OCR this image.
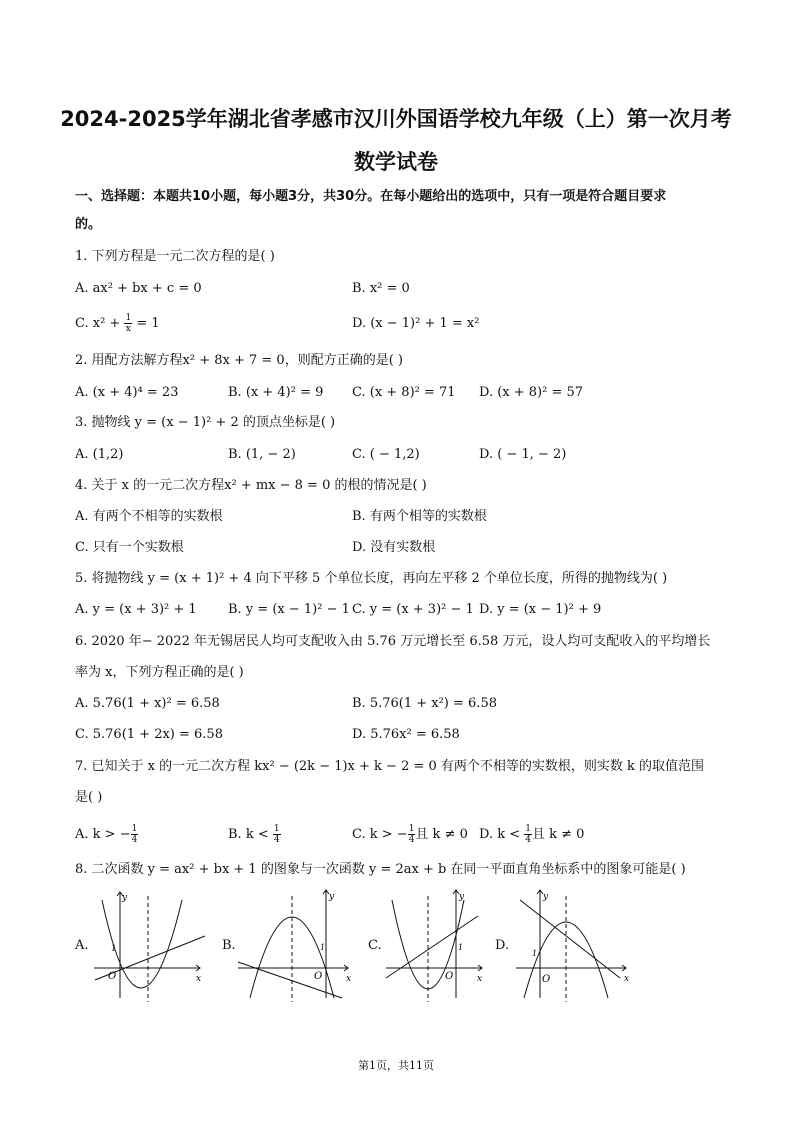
2024-2025学年湖北省孝感市汉川外国语学校九年级（上）第一次月考
数学试卷
一、选择题：本题共10小题，每小题3分，共30分。在每小题给出的选项中，只有一项是符合题目要求
的。
1. 下列方程是一元二次方程的是( )
A. ax² + bx + c = 0	B. x² = 0
C. $x^2 + \frac{1}{x} = 1$	D. (x − 1)² + 1 = x²
2. 用配方法解方程x² + 8x + 7 = 0，则配方正确的是( )
A. (x + 4)⁴ = 23	B. (x + 4)² = 9 C. (x + 8)² = 71 D. (x + 8)² = 57
3. 抛物线 y = (x − 1)² + 2 的顶点坐标是( )
A. (1,2)	B. (1, − 2)	C. ( − 1,2)	D. ( − 1, − 2)
4. 关于 x 的一元二次方程x² + mx − 8 = 0 的根的情况是( )
A. 有两个不相等的实数根	B. 有两个相等的实数根
C. 只有一个实数根	D. 没有实数根
5. 将抛物线 y = (x + 1)² + 4 向下平移 5 个单位长度，再向左平移 2 个单位长度，所得的抛物线为( )
A. y = (x + 3)² + 1 B. y = (x − 1)² − 1 C. y = (x + 3)² − 1 D. y = (x − 1)² + 9
6. 2020 年− 2022 年无锡居民人均可支配收入由 5.76 万元增长至 6.58 万元，设人均可支配收入的平均增长
率为 x，下列方程正确的是( )
A. 5.76(1 + x)² = 6.58	B. 5.76(1 + x²) = 6.58
C. 5.76(1 + 2x) = 6.58	D. 5.76x² = 6.58
7. 已知关于 x 的一元二次方程 kx² − (2k − 1)x + k − 2 = 0 有两个不相等的实数根，则实数 k 的取值范围
是( )
A. k > − $\frac{1}{4}$	B. $k < \frac{1}{4}$	C. k > − $\frac{1}{4}$ 且 k ≠ 0 D. $k < \frac{1}{4}$ 且 k ≠ 0
8. 二次函数 y = ax² + bx + 1 的图象与一次函数 y = 2ax + b 在同一平面直角坐标系中的图象可能是( )
A.	B.	C.	D.
y
x
O
1
y
x
O
1
y
x
O
1
y
x
O
1
第1页，共11页
